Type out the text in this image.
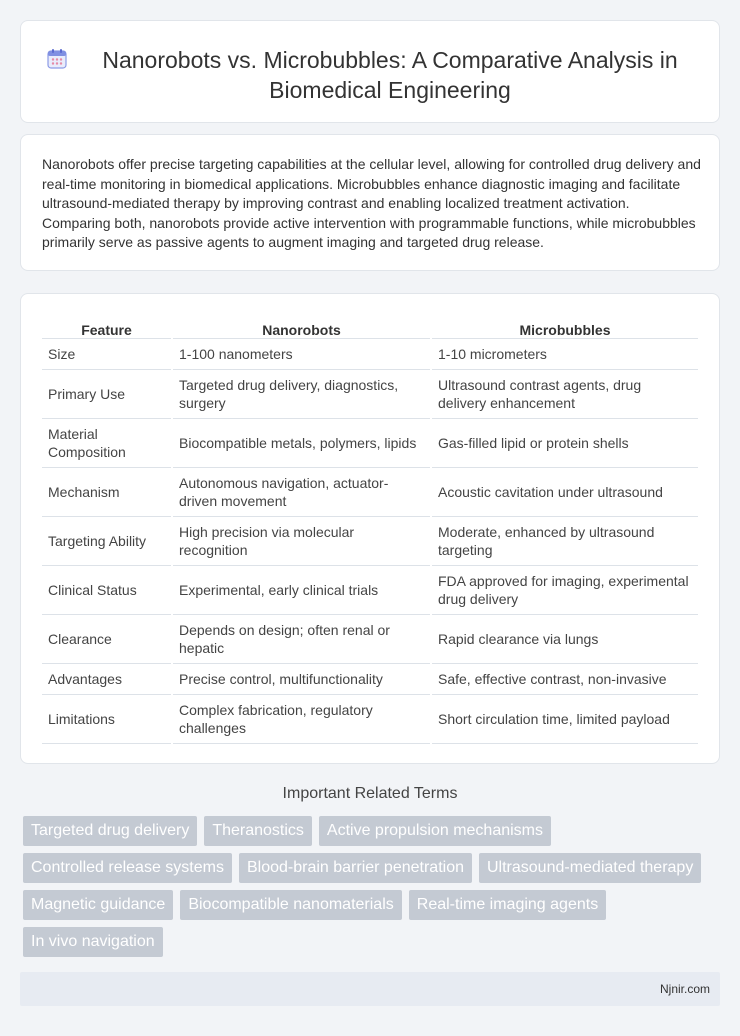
Nanorobots vs. Microbubbles: A Comparative Analysis in Biomedical Engineering

Nanorobots offer precise targeting capabilities at the cellular level, allowing for controlled drug delivery and real-time monitoring in biomedical applications. Microbubbles enhance diagnostic imaging and facilitate ultrasound-mediated therapy by improving contrast and enabling localized treatment activation. Comparing both, nanorobots provide active intervention with programmable functions, while microbubbles primarily serve as passive agents to augment imaging and targeted drug release.

Feature	Nanorobots	Microbubbles
Size	1-100 nanometers	1-10 micrometers
Primary Use	Targeted drug delivery, diagnostics, surgery	Ultrasound contrast agents, drug delivery enhancement
Material Composition	Biocompatible metals, polymers, lipids	Gas-filled lipid or protein shells
Mechanism	Autonomous navigation, actuator-driven movement	Acoustic cavitation under ultrasound
Targeting Ability	High precision via molecular recognition	Moderate, enhanced by ultrasound targeting
Clinical Status	Experimental, early clinical trials	FDA approved for imaging, experimental drug delivery
Clearance	Depends on design; often renal or hepatic	Rapid clearance via lungs
Advantages	Precise control, multifunctionality	Safe, effective contrast, non-invasive
Limitations	Complex fabrication, regulatory challenges	Short circulation time, limited payload
Important Related Terms
Targeted drug delivery	Theranostics	Active propulsion mechanisms
Controlled release systems	Blood-brain barrier penetration	Ultrasound-mediated therapy
Magnetic guidance	Biocompatible nanomaterials	Real-time imaging agents
In vivo navigation
Njnir.com
